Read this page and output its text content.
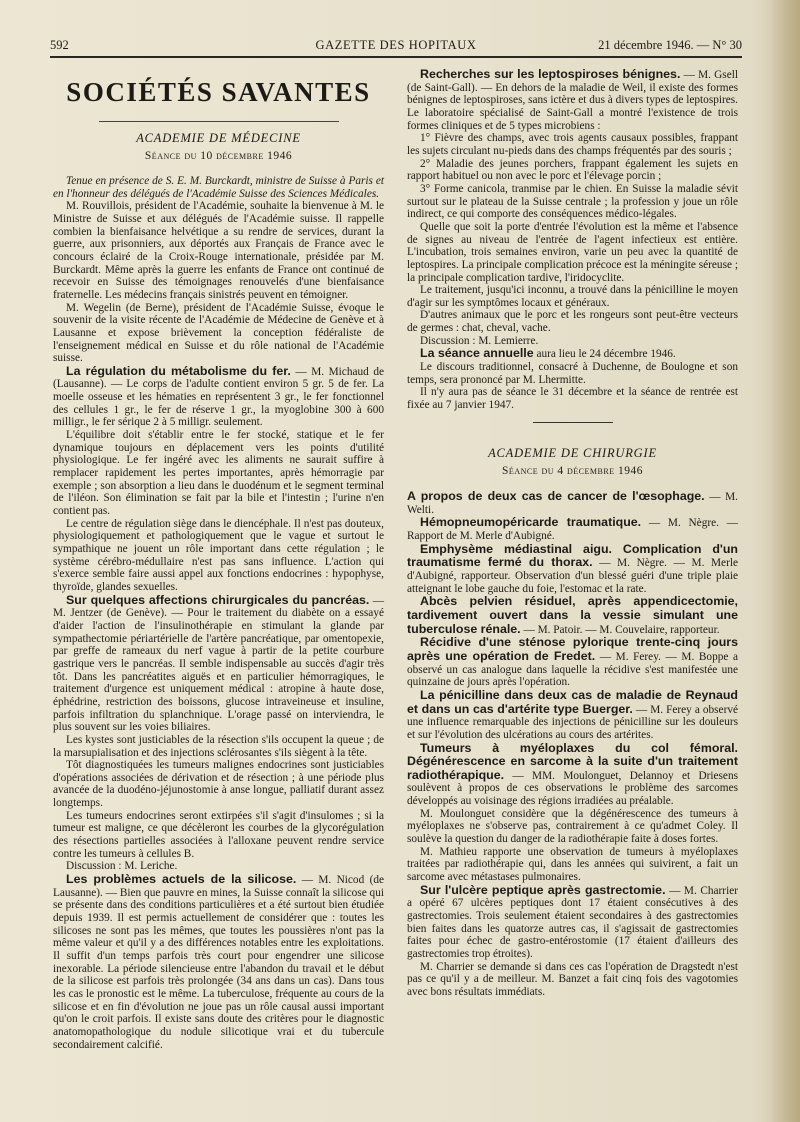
592	GAZETTE DES HOPITAUX	21 décembre 1946. — N° 30
SOCIÉTÉS SAVANTES
ACADEMIE DE MÉDECINE
Séance du 10 décembre 1946

Tenue en présence de S. E. M. Burckardt, ministre de Suisse à Paris et en l'honneur des délégués de l'Académie Suisse des Sciences Médicales.

M. Rouvillois, président de l'Académie, souhaite la bienvenue à M. le Ministre de Suisse et aux délégués de l'Académie suisse. Il rappelle combien la bienfaisance helvétique a su rendre de services, durant la guerre, aux prisonniers, aux déportés aux Français de France avec le concours éclairé de la Croix-Rouge internationale, présidée par M. Burckardt. Même après la guerre les enfants de France ont continué de recevoir en Suisse des témoignages renouvelés d'une bienfaisance fraternelle. Les médecins français sinistrés peuvent en témoigner.

M. Wegelin (de Berne), président de l'Académie Suisse, évoque le souvenir de la visite récente de l'Académie de Médecine de Genève et à Lausanne et expose brièvement la conception fédéraliste de l'enseignement médical en Suisse et du rôle national de l'Académie suisse.

La régulation du métabolisme du fer. — M. Michaud de (Lausanne). — Le corps de l'adulte contient environ 5 gr. 5 de fer. La moelle osseuse et les hématies en représentent 3 gr., le fer fonctionnel des cellules 1 gr., le fer de réserve 1 gr., la myoglobine 300 à 600 milligr., le fer sérique 2 à 5 milligr. seulement.

L'équilibre doit s'établir entre le fer stocké, statique et le fer dynamique toujours en déplacement vers les points d'utilité physiologique. Le fer ingéré avec les aliments ne saurait suffire à remplacer rapidement les pertes importantes, après hémorragie par exemple ; son absorption a lieu dans le duodénum et le segment terminal de l'iléon. Son élimination se fait par la bile et l'intestin ; l'urine n'en contient pas.

Le centre de régulation siège dans le diencéphale. Il n'est pas douteux, physiologiquement et pathologiquement que le vague et surtout le sympathique ne jouent un rôle important dans cette régulation ; le système cérébro-médullaire n'est pas sans influence. L'action qui s'exerce semble faire aussi appel aux fonctions endocrines : hypophyse, thyroïde, glandes sexuelles.

Sur quelques affections chirurgicales du pancréas. — M. Jentzer (de Genève). — Pour le traitement du diabète on a essayé d'aider l'action de l'insulinothérapie en stimulant la glande par sympathectomie périartérielle de l'artère pancréatique, par omentopexie, par greffe de rameaux du nerf vague à partir de la petite courbure gastrique vers le pancréas. Il semble indispensable au succès d'agir très tôt. Dans les pancréatites aiguës et en particulier hémorragiques, le traitement d'urgence est uniquement médical : atropine à haute dose, éphédrine, restriction des boissons, glucose intraveineuse et insuline, parfois infiltration du splanchnique. L'orage passé on interviendra, le plus souvent sur les voies biliaires.

Les kystes sont justiciables de la résection s'ils occupent la queue ; de la marsupialisation et des injections sclérosantes s'ils siègent à la tête.

Tôt diagnostiquées les tumeurs malignes endocrines sont justiciables d'opérations associées de dérivation et de résection ; à une période plus avancée de la duodéno-jéjunostomie à anse longue, palliatif durant assez longtemps.

Les tumeurs endocrines seront extirpées s'il s'agit d'insulomes ; si la tumeur est maligne, ce que décèleront les courbes de la glycorégulation des résections partielles associées à l'alloxane peuvent rendre service contre les tumeurs à cellules B.

Discussion : M. Leriche.

Les problèmes actuels de la silicose. — M. Nicod (de Lausanne). — Bien que pauvre en mines, la Suisse connaît la silicose qui se présente dans des conditions particulières et a été surtout bien étudiée depuis 1939. Il est permis actuellement de considérer que : toutes les silicoses ne sont pas les mêmes, que toutes les poussières n'ont pas la même valeur et qu'il y a des différences notables entre les exploitations. Il suffit d'un temps parfois très court pour engendrer une silicose inexorable. La période silencieuse entre l'abandon du travail et le début de la silicose est parfois très prolongée (34 ans dans un cas). Dans tous les cas le pronostic est le même. La tuberculose, fréquente au cours de la silicose et en fin d'évolution ne joue pas un rôle causal aussi important qu'on le croit parfois. Il existe sans doute des critères pour le diagnostic anatomopathologique du nodule silicotique vrai et du tubercule secondairement calcifié.

Recherches sur les leptospiroses bénignes. — M. Gsell (de Saint-Gall). — En dehors de la maladie de Weil, il existe des formes bénignes de leptospiroses, sans ictère et dus à divers types de leptospires. Le laboratoire spécialisé de Saint-Gall a montré l'existence de trois formes cliniques et de 5 types microbiens :

1° Fièvre des champs, avec trois agents causaux possibles, frappant les sujets circulant nu-pieds dans des champs fréquentés par des souris ;

2° Maladie des jeunes porchers, frappant également les sujets en rapport habituel ou non avec le porc et l'élevage porcin ;

3° Forme canicola, tranmise par le chien. En Suisse la maladie sévit surtout sur le plateau de la Suisse centrale ; la profession y joue un rôle indirect, ce qui comporte des conséquences médico-légales.

Quelle que soit la porte d'entrée l'évolution est la même et l'absence de signes au niveau de l'entrée de l'agent infectieux est entière. L'incubation, trois semaines environ, varie un peu avec la quantité de leptospires. La principale complication précoce est la méningite séreuse ; la principale complication tardive, l'iridocyclite.

Le traitement, jusqu'ici inconnu, a trouvé dans la pénicilline le moyen d'agir sur les symptômes locaux et généraux.

D'autres animaux que le porc et les rongeurs sont peut-être vecteurs de germes : chat, cheval, vache.

Discussion : M. Lemierre.

La séance annuelle aura lieu le 24 décembre 1946.

Le discours traditionnel, consacré à Duchenne, de Boulogne et son temps, sera prononcé par M. Lhermitte.

Il n'y aura pas de séance le 31 décembre et la séance de rentrée est fixée au 7 janvier 1947.

ACADEMIE DE CHIRURGIE
Séance du 4 décembre 1946

A propos de deux cas de cancer de l'œsophage. — M. Welti.

Hémopneumopéricarde traumatique. — M. Nègre. — Rapport de M. Merle d'Aubigné.

Emphysème médiastinal aigu. Complication d'un traumatisme fermé du thorax. — M. Nègre. — M. Merle d'Aubigné, rapporteur. Observation d'un blessé guéri d'une triple plaie atteignant le lobe gauche du foie, l'estomac et la rate.

Abcès pelvien résiduel, après appendicectomie, tardivement ouvert dans la vessie simulant une tuberculose rénale. — M. Patoir. — M. Couvelaire, rapporteur.

Récidive d'une sténose pylorique trente-cinq jours après une opération de Fredet. — M. Ferey. — M. Boppe a observé un cas analogue dans laquelle la récidive s'est manifestée une quinzaine de jours après l'opération.

La pénicilline dans deux cas de maladie de Reynaud et dans un cas d'artérite type Buerger. — M. Ferey a observé une influence remarquable des injections de pénicilline sur les douleurs et sur l'évolution des ulcérations au cours des artérites.

Tumeurs à myéloplaxes du col fémoral. Dégénérescence en sarcome à la suite d'un traitement radiothérapique. — MM. Moulonguet, Delannoy et Driesens soulèvent à propos de ces observations le problème des sarcomes développés au voisinage des régions irradiées au préalable.

M. Moulonguet considère que la dégénérescence des tumeurs à myéloplaxes ne s'observe pas, contrairement à ce qu'admet Coley. Il soulève la question du danger de la radiothérapie faite à doses fortes.

M. Mathieu rapporte une observation de tumeurs à myéloplaxes traitées par radiothérapie qui, dans les années qui suivirent, a fait un sarcome avec métastases pulmonaires.

Sur l'ulcère peptique après gastrectomie. — M. Charrier a opéré 67 ulcères peptiques dont 17 étaient consécutives à des gastrectomies. Trois seulement étaient secondaires à des gastrectomies bien faites dans les quatorze autres cas, il s'agissait de gastrectomies faites pour échec de gastro-entérostomie (17 étaient d'ailleurs des gastrectomies trop étroites).

M. Charrier se demande si dans ces cas l'opération de Dragstedt n'est pas ce qu'il y a de meilleur. M. Banzet a fait cinq fois des vagotomies avec bons résultats immédiats.
